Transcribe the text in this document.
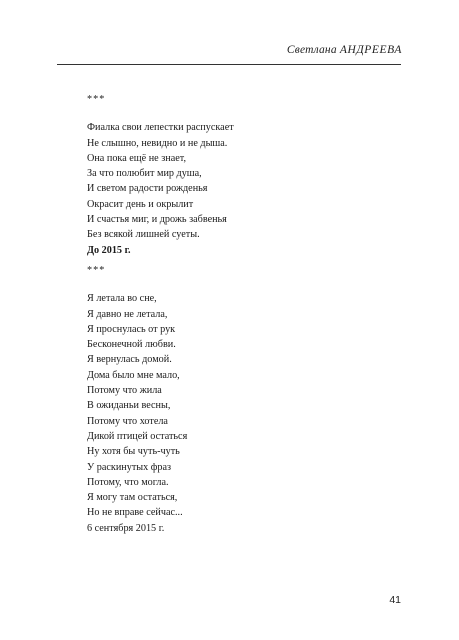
Светлана АНДРЕЕВА
***
Фиалка свои лепестки распускает
Не слышно, невидно и не дыша.
Она пока ещё не знает,
За что полюбит мир душа,
И светом радости рожденья
Окрасит день и окрылит
И счастья миг, и дрожь забвенья
Без всякой лишней суеты.
До 2015 г.
***
Я летала во сне,
Я давно не летала,
Я проснулась от рук
Бесконечной любви.
Я вернулась домой.
Дома было мне мало,
Потому что жила
В ожиданьи весны,
Потому что хотела
Дикой птицей остаться
Ну хотя бы чуть-чуть
У раскинутых фраз
Потому, что могла.
Я могу там остаться,
Но не вправе сейчас...
6 сентября 2015 г.
41
